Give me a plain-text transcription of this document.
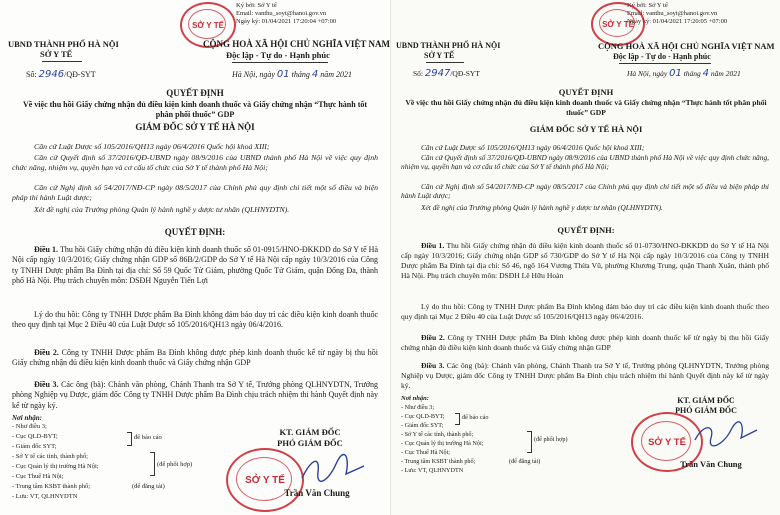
Ký bởi: Sở Y tế
Email: vanthu_soyt@hanoi.gov.vn
Ngày ký: 01/04/2021 17:20:04 +07:00
SỞ Y TẾ
UBND THÀNH PHỐ HÀ NỘI
SỞ Y TẾ
CỘNG HOÀ XÃ HỘI CHỦ NGHĨA VIỆT NAM
Độc lập - Tự do - Hạnh phúc
Số: 2946/QĐ-SYT	Hà Nội, ngày 01 tháng 4 năm 2021
QUYẾT ĐỊNH
Về việc thu hồi Giấy chứng nhận đủ điều kiện kinh doanh thuốc và Giấy chứng nhận “Thực hành tốt phân phối thuốc” GDP
GIÁM ĐỐC SỞ Y TẾ HÀ NỘI
Căn cứ Luật Dược số 105/2016/QH13 ngày 06/4/2016 Quốc hội khoá XIII;
Căn cứ Quyết định số 37/2016/QĐ-UBND ngày 08/9/2016 của UBND thành phố Hà Nội về việc quy định chức năng, nhiệm vụ, quyền hạn và cơ cấu tổ chức của Sở Y tế thành phố Hà Nội;
Căn cứ Nghị định số 54/2017/NĐ-CP ngày 08/5/2017 của Chính phủ quy định chi tiết một số điều và biện pháp thi hành Luật dược;
Xét đề nghị của Trưởng phòng Quản lý hành nghề y dược tư nhân (QLHNYDTN).
QUYẾT ĐỊNH:
Điều 1. Thu hồi Giấy chứng nhận đủ điều kiện kinh doanh thuốc số 01-0915/HNO-ĐKKDD do Sở Y tế Hà Nội cấp ngày 10/3/2016; Giấy chứng nhận GDP số 86B/2/GDP do Sở Y tế Hà Nội cấp ngày 10/3/2016 của Công ty TNHH Dược phẩm Ba Đình tại địa chỉ: Số 59 Quốc Tử Giám, phường Quốc Tử Giám, quận Đống Đa, thành phố Hà Nội. Phụ trách chuyên môn: DSĐH Nguyễn Tiến Lợi
Lý do thu hồi: Công ty TNHH Dược phẩm Ba Đình không đảm bảo duy trì các điều kiện kinh doanh thuốc theo quy định tại Mục 2 Điều 40 của Luật Dược số 105/2016/QH13 ngày 06/4/2016.
Điều 2. Công ty TNHH Dược phẩm Ba Đình không được phép kinh doanh thuốc kể từ ngày bị thu hồi Giấy chứng nhận đủ điều kiện kinh doanh thuốc và Giấy chứng nhận GDP
Điều 3. Các ông (bà): Chánh văn phòng, Chánh Thanh tra Sở Y tế, Trưởng phòng QLHNYDTN, Trưởng phòng Nghiệp vụ Dược, giám đốc Công ty TNHH Dược phẩm Ba Đình chịu trách nhiệm thi hành Quyết định này kể từ ngày ký.
Nơi nhận:
- Như điều 3;
- Cục QLD-BYT;
- Giám đốc SYT;
- Sở Y tế các tỉnh, thành phố;
- Cục Quản lý thị trường Hà Nội;
- Cục Thuế Hà Nội;
- Trung tâm KSBT thành phố;
- Lưu: VT, QLHNYDTN
để báo cáo
(để phối hợp)
(để đăng tải)
KT. GIÁM ĐỐC
PHÓ GIÁM ĐỐC
SỞ Y TẾ
Trần Văn Chung
Ký bởi: Sở Y tế
Email: vanthu_soyt@hanoi.gov.vn
Ngày ký: 01/04/2021 17:20:05 +07:00
SỞ Y TẾ
UBND THÀNH PHỐ HÀ NỘI
SỞ Y TẾ
CỘNG HOÀ XÃ HỘI CHỦ NGHĨA VIỆT NAM
Độc lập - Tự do - Hạnh phúc
Số: 2947/QĐ-SYT	Hà Nội, ngày 01 tháng 4 năm 2021
QUYẾT ĐỊNH
Về việc thu hồi Giấy chứng nhận đủ điều kiện kinh doanh thuốc và Giấy chứng nhận “Thực hành tốt phân phối thuốc” GDP
GIÁM ĐỐC SỞ Y TẾ HÀ NỘI
Căn cứ Luật Dược số 105/2016/QH13 ngày 06/4/2016 Quốc hội khoá XIII;
Căn cứ Quyết định số 37/2016/QĐ-UBND ngày 08/9/2016 của UBND thành phố Hà Nội về việc quy định chức năng, nhiệm vụ, quyền hạn và cơ cấu tổ chức của Sở Y tế thành phố Hà Nội;
Căn cứ Nghị định số 54/2017/NĐ-CP ngày 08/5/2017 của Chính phủ quy định chi tiết một số điều và biện pháp thi hành Luật dược;
Xét đề nghị của Trưởng phòng Quản lý hành nghề y dược tư nhân (QLHNYDTN).
QUYẾT ĐỊNH:
Điều 1. Thu hồi Giấy chứng nhận đủ điều kiện kinh doanh thuốc số 01-0730/HNO-ĐKKDD do Sở Y tế Hà Nội cấp ngày 10/3/2016; Giấy chứng nhận GDP số 730/GDP do Sở Y tế Hà Nội cấp ngày 10/3/2016 của Công ty TNHH Dược phẩm Ba Đình tại địa chỉ: Số 46, ngõ 164 Vương Thừa Vũ, phường Khương Trung, quận Thanh Xuân, thành phố Hà Nội. Phụ trách chuyên môn: DSĐH Lê Hữu Hoàn
Lý do thu hồi: Công ty TNHH Dược phẩm Ba Đình không đảm bảo duy trì các điều kiện kinh doanh thuốc theo quy định tại Mục 2 Điều 40 của Luật Dược số 105/2016/QH13 ngày 06/4/2016.
Điều 2. Công ty TNHH Dược phẩm Ba Đình không được phép kinh doanh thuốc kể từ ngày bị thu hồi Giấy chứng nhận đủ điều kiện kinh doanh thuốc và Giấy chứng nhận GDP
Điều 3. Các ông (bà): Chánh văn phòng, Chánh Thanh tra Sở Y tế, Trưởng phòng QLHNYDTN, Trưởng phòng Nghiệp vụ Dược, giám đốc Công ty TNHH Dược phẩm Ba Đình chịu trách nhiệm thi hành Quyết định này kể từ ngày ký.
Nơi nhận:
- Như điều 3;
- Cục QLD-BYT;
- Giám đốc SYT;
- Sở Y tế các tỉnh, thành phố;
- Cục Quản lý thị trường Hà Nội;
- Cục Thuế Hà Nội;
- Trung tâm KSBT thành phố;
- Lưu: VT, QLHNYDTN
để báo cáo
(để phối hợp)
(để đăng tải)
KT. GIÁM ĐỐC
PHÓ GIÁM ĐỐC
SỞ Y TẾ
Trần Văn Chung
